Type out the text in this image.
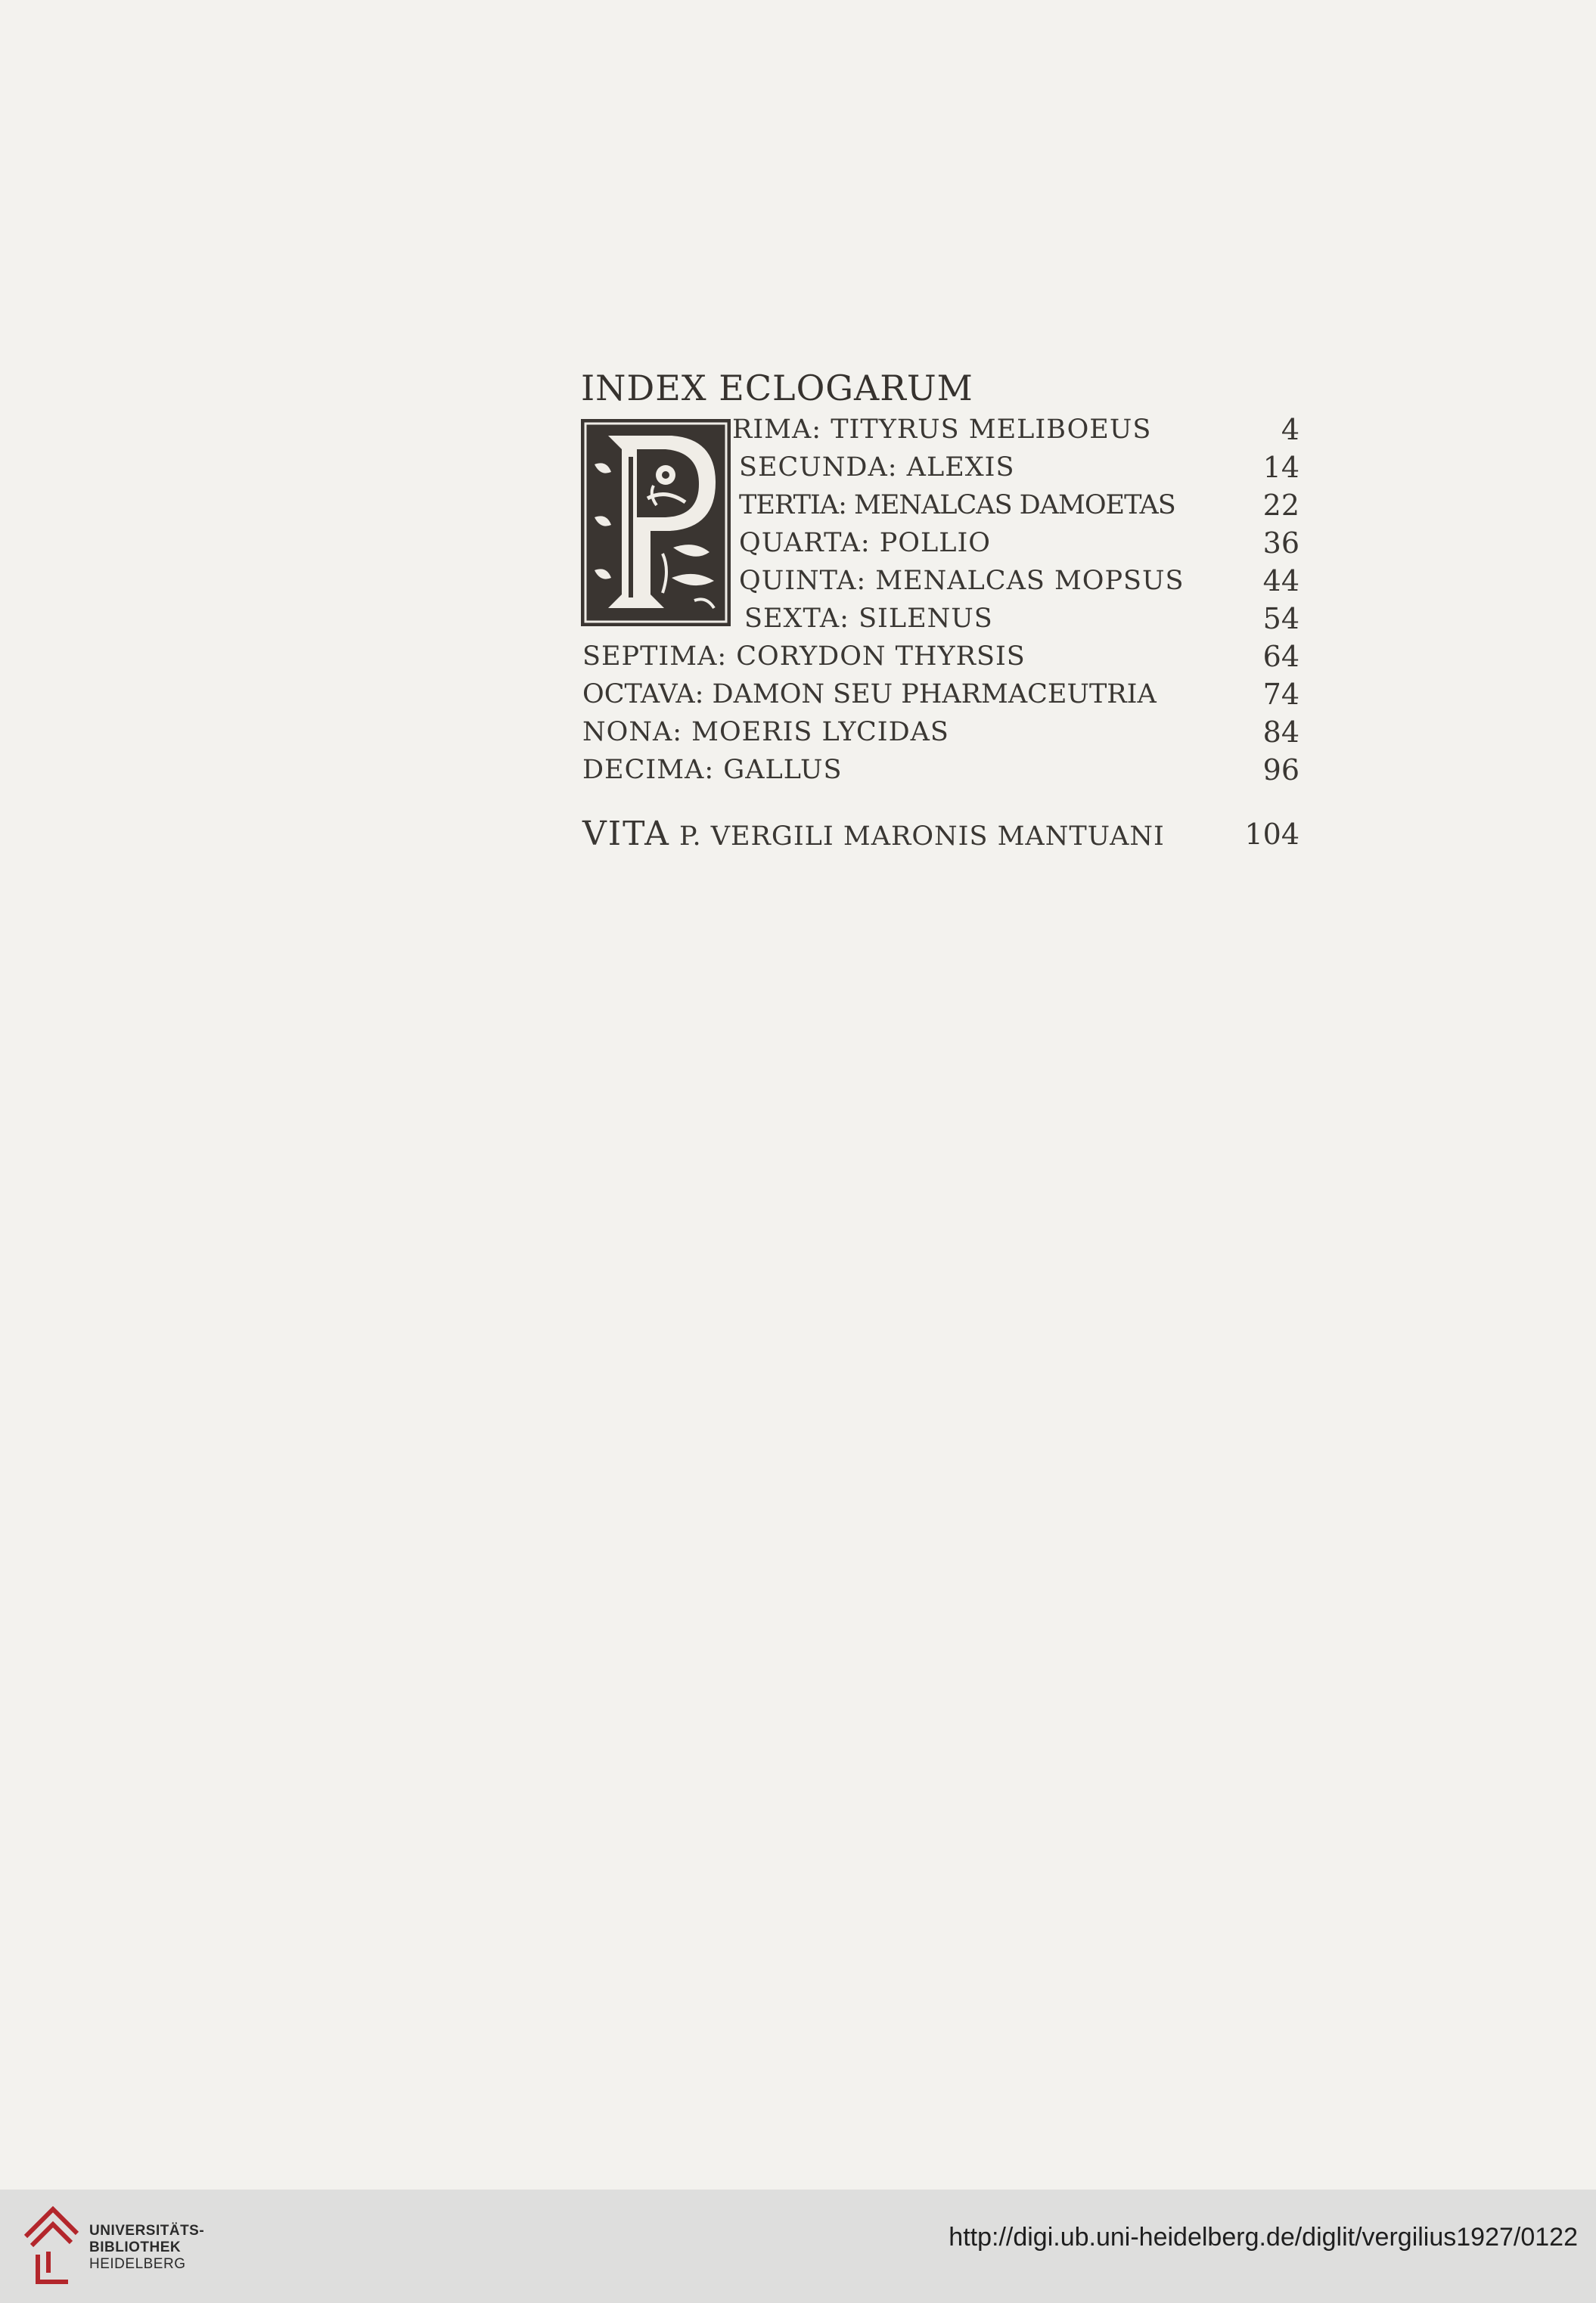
INDEX ECLOGARUM
RIMA: TITYRUS MELIBOEUS	4
SECUNDA: ALEXIS	14
TERTIA: MENALCAS DAMOETAS	22
QUARTA: POLLIO	36
QUINTA: MENALCAS MOPSUS	44
SEXTA: SILENUS	54
SEPTIMA: CORYDON THYRSIS	64
OCTAVA: DAMON SEU PHARMACEUTRIA	74
NONA: MOERIS LYCIDAS	84
DECIMA: GALLUS	96
VITA P. VERGILI MARONIS MANTUANI	104
UNIVERSITÄTS-
BIBLIOTHEK
HEIDELBERG
http://digi.ub.uni-heidelberg.de/diglit/vergilius1927/0122
